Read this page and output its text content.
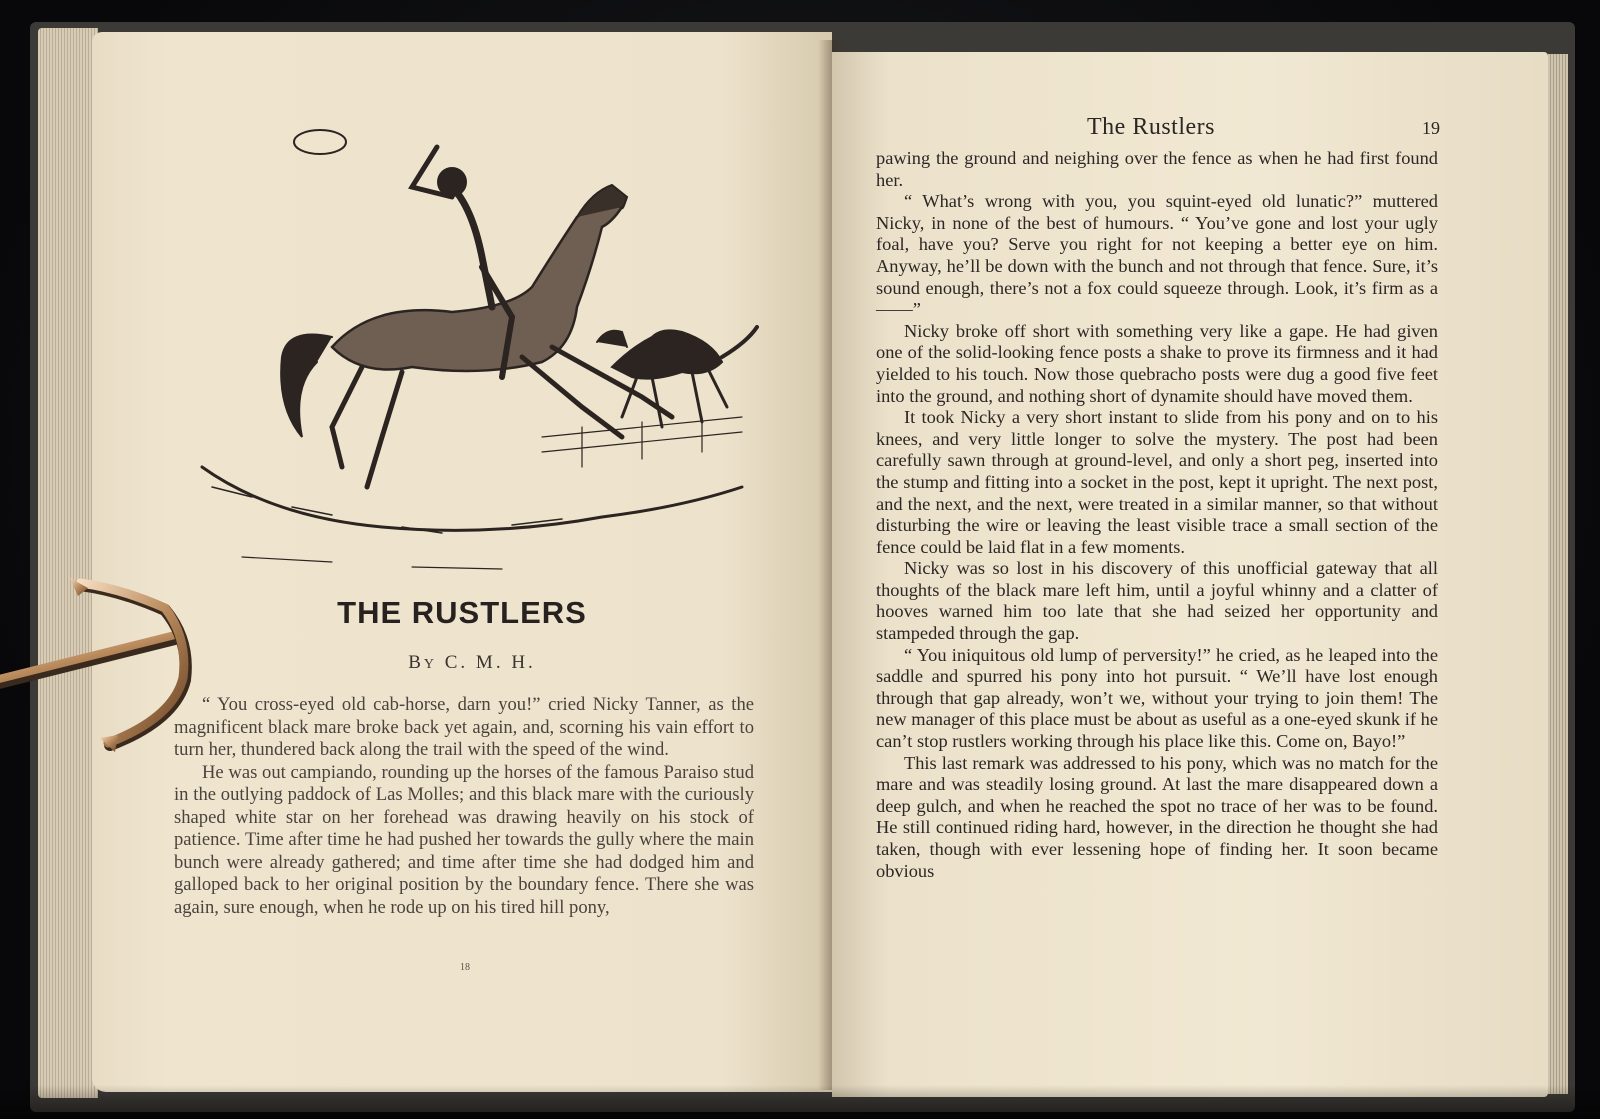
THE RUSTLERS
BY C. M. H.

“ You cross-eyed old cab-horse, darn you!” cried Nicky Tanner, as the magnificent black mare broke back yet again, and, scorning his vain effort to turn her, thundered back along the trail with the speed of the wind.

He was out campiando, rounding up the horses of the famous Paraiso stud in the outlying paddock of Las Molles; and this black mare with the curiously shaped white star on her forehead was drawing heavily on his stock of patience. Time after time he had pushed her towards the gully where the main bunch were already gathered; and time after time she had dodged him and galloped back to her original position by the boundary fence. There she was again, sure enough, when he rode up on his tired hill pony,

18
The Rustlers	19

pawing the ground and neighing over the fence as when he had first found her.

“ What’s wrong with you, you squint-eyed old lunatic?” muttered Nicky, in none of the best of humours. “ You’ve gone and lost your ugly foal, have you? Serve you right for not keeping a better eye on him. Anyway, he’ll be down with the bunch and not through that fence. Sure, it’s sound enough, there’s not a fox could squeeze through. Look, it’s firm as a——”

Nicky broke off short with something very like a gape. He had given one of the solid-looking fence posts a shake to prove its firmness and it had yielded to his touch. Now those quebracho posts were dug a good five feet into the ground, and nothing short of dynamite should have moved them.

It took Nicky a very short instant to slide from his pony and on to his knees, and very little longer to solve the mystery. The post had been carefully sawn through at ground-level, and only a short peg, inserted into the stump and fitting into a socket in the post, kept it upright. The next post, and the next, and the next, were treated in a similar manner, so that without disturbing the wire or leaving the least visible trace a small section of the fence could be laid flat in a few moments.

Nicky was so lost in his discovery of this unofficial gateway that all thoughts of the black mare left him, until a joyful whinny and a clatter of hooves warned him too late that she had seized her opportunity and stampeded through the gap.

“ You iniquitous old lump of perversity!” he cried, as he leaped into the saddle and spurred his pony into hot pursuit. “ We’ll have lost enough through that gap already, won’t we, without your trying to join them! The new manager of this place must be about as useful as a one-eyed skunk if he can’t stop rustlers working through his place like this. Come on, Bayo!”

This last remark was addressed to his pony, which was no match for the mare and was steadily losing ground. At last the mare disappeared down a deep gulch, and when he reached the spot no trace of her was to be found. He still continued riding hard, however, in the direction he thought she had taken, though with ever lessening hope of finding her. It soon became obvious
